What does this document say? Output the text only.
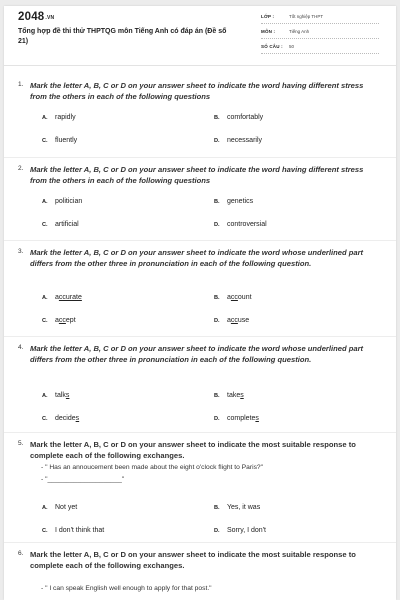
2048.VN
Tổng hợp đề thi thử THPTQG môn Tiếng Anh có đáp án (Đề số 21)
LỚP :	Tốt nghiệp THPT
MÔN :	Tiếng Anh
SỐ CÂU : 50
1. Mark the letter A, B, C or D on your answer sheet to indicate the word having different stress from the others in each of the following questions
A. rapidly	B. comfortably
C. fluently	D. necessarily
2. Mark the letter A, B, C or D on your answer sheet to indicate the word having different stress from the others in each of the following questions
A. politician	B. genetics
C. artificial	D. controversial
3. Mark the letter A, B, C or D on your answer sheet to indicate the word whose underlined part differs from the other three in pronunciation in each of the following question.
A. accurate	B. account
C. accept	D. accuse
4. Mark the letter A, B, C or D on your answer sheet to indicate the word whose underlined part differs from the other three in pronunciation in each of the following question.
A. talks	B. takes
C. decides	D. completes
5. Mark the letter A, B, C or D on your answer sheet to indicate the most suitable response to complete each of the following exchanges.
- " Has an annoucement been made about the eight o'clock flight to Paris?"
- "____________________"
A. Not yet	B. Yes, it was
C. I don't think that	D. Sorry, I don't
6. Mark the letter A, B, C or D on your answer sheet to indicate the most suitable response to complete each of the following exchanges.
- " I can speak English well enough to apply for that post."
